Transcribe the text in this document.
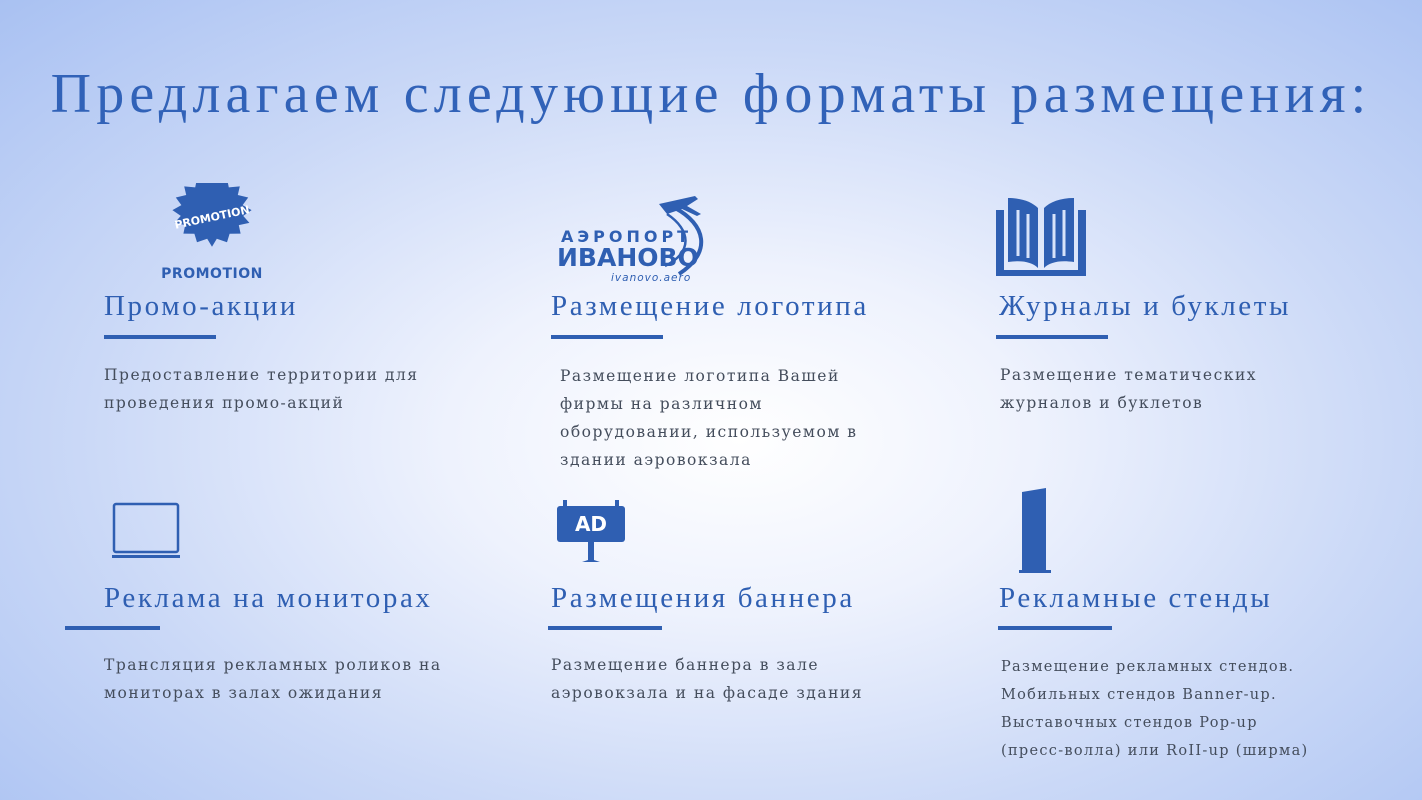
Предлагаем следующие форматы размещения:
PROMOTION
PROMOTION
Промо-акции

Предоставление территории для
проведения промо-акций

АЭРОПОРТ
ИВАНОВО
ivanovo.aero
Размещение логотипа

Размещение логотипа Вашей
фирмы на различном
оборудовании, используемом в
здании аэровокзала

Журналы и буклеты

Размещение тематических
журналов и буклетов

Реклама на мониторах

Трансляция рекламных роликов на
мониторах в залах ожидания

AD
Размещения баннера

Размещение баннера в зале
аэровокзала и на фасаде здания

Рекламные стенды

Размещение рекламных стендов.
Мобильных стендов Banner-up.
Выставочных стендов Pop-up
(пресс-волла) или RoII-up (ширма)
